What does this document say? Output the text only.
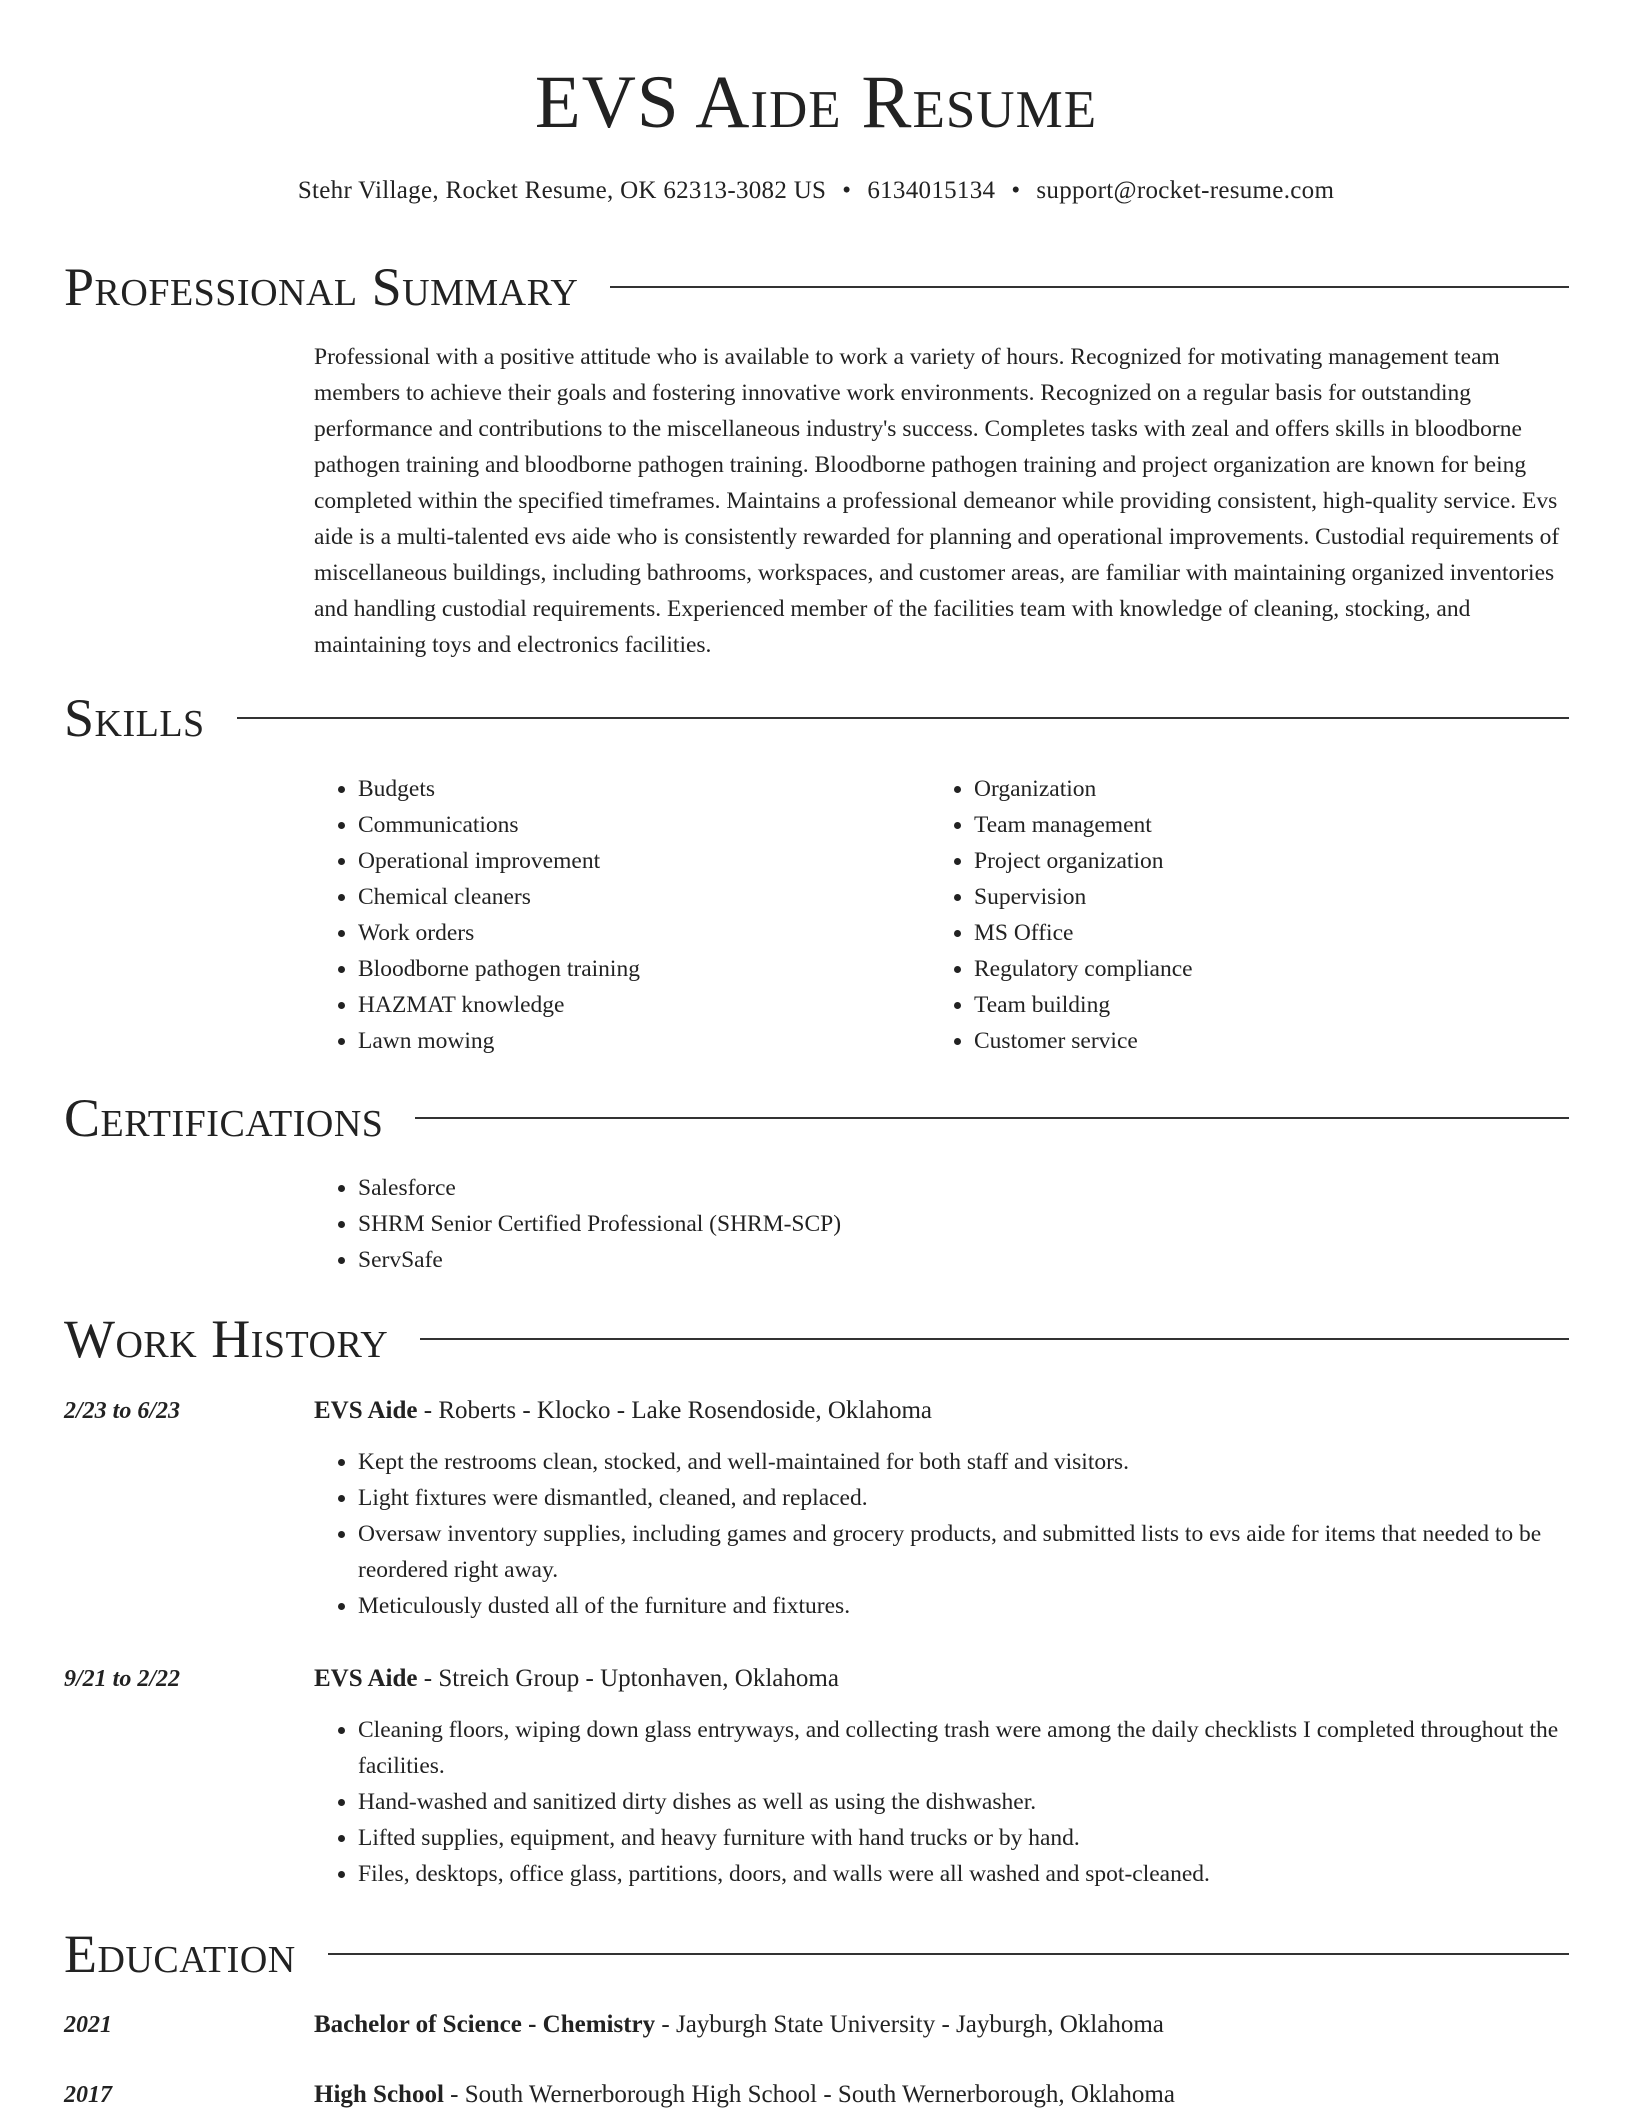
EVS Aide Resume
Stehr Village, Rocket Resume, OK 62313-3082 US • 6134015134 • support@rocket-resume.com
Professional Summary

Professional with a positive attitude who is available to work a variety of hours. Recognized for motivating management team members to achieve their goals and fostering innovative work environments. Recognized on a regular basis for outstanding performance and contributions to the miscellaneous industry's success. Completes tasks with zeal and offers skills in bloodborne pathogen training and bloodborne pathogen training. Bloodborne pathogen training and project organization are known for being completed within the specified timeframes. Maintains a professional demeanor while providing consistent, high-quality service. Evs aide is a multi-talented evs aide who is consistently rewarded for planning and operational improvements. Custodial requirements of miscellaneous buildings, including bathrooms, workspaces, and customer areas, are familiar with maintaining organized inventories and handling custodial requirements. Experienced member of the facilities team with knowledge of cleaning, stocking, and maintaining toys and electronics facilities.

Skills
• Budgets
• Communications
• Operational improvement
• Chemical cleaners
• Work orders
• Bloodborne pathogen training
• HAZMAT knowledge
• Lawn mowing
• Organization
• Team management
• Project organization
• Supervision
• MS Office
• Regulatory compliance
• Team building
• Customer service
Certifications
• Salesforce
• SHRM Senior Certified Professional (SHRM-SCP)
• ServSafe
Work History
2/23 to 6/23	EVS Aide - Roberts - Klocko - Lake Rosendoside, Oklahoma
• Kept the restrooms clean, stocked, and well-maintained for both staff and visitors.
• Light fixtures were dismantled, cleaned, and replaced.
• Oversaw inventory supplies, including games and grocery products, and submitted lists to evs aide for items that needed to be reordered right away.
• Meticulously dusted all of the furniture and fixtures.
9/21 to 2/22	EVS Aide - Streich Group - Uptonhaven, Oklahoma
• Cleaning floors, wiping down glass entryways, and collecting trash were among the daily checklists I completed throughout the facilities.
• Hand-washed and sanitized dirty dishes as well as using the dishwasher.
• Lifted supplies, equipment, and heavy furniture with hand trucks or by hand.
• Files, desktops, office glass, partitions, doors, and walls were all washed and spot-cleaned.
Education
2021	Bachelor of Science - Chemistry - Jayburgh State University - Jayburgh, Oklahoma
2017	High School - South Wernerborough High School - South Wernerborough, Oklahoma
